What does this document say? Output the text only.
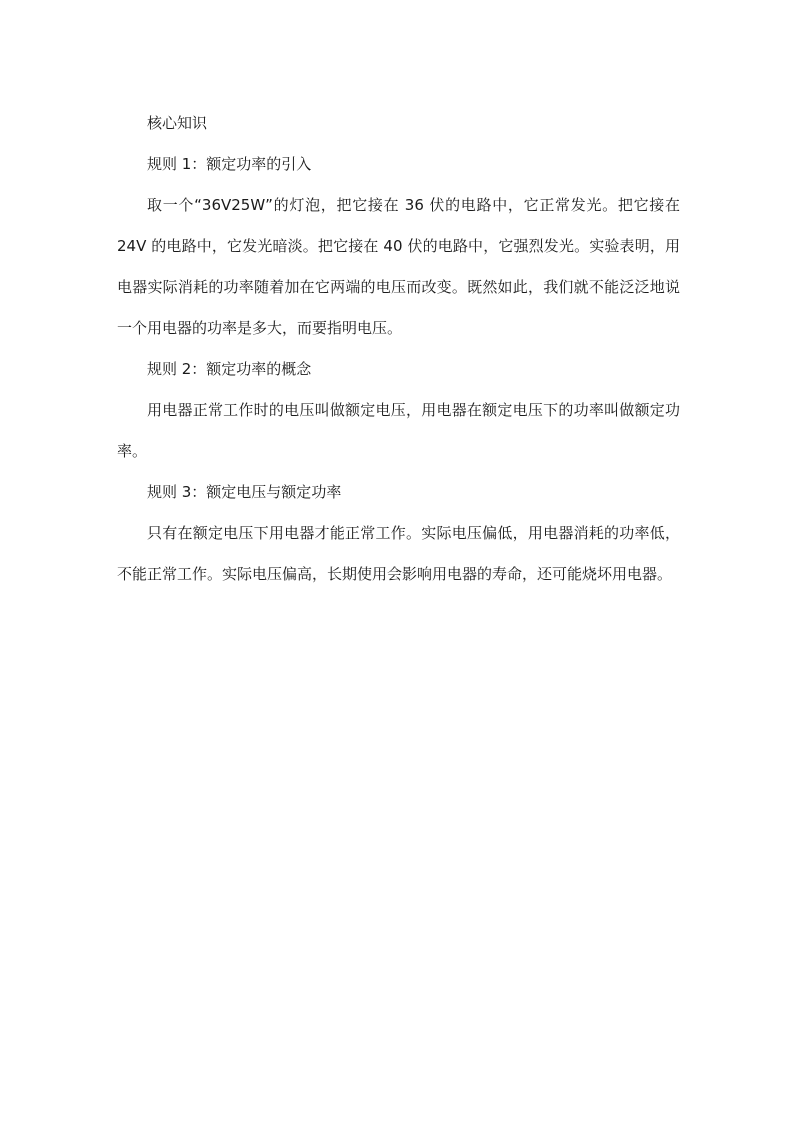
核心知识

规则 1：额定功率的引入

取一个“36V25W”的灯泡，把它接在 36 伏的电路中，它正常发光。把它接在 24V 的电路中，它发光暗淡。把它接在 40 伏的电路中，它强烈发光。实验表明，用电器实际消耗的功率随着加在它两端的电压而改变。既然如此，我们就不能泛泛地说一个用电器的功率是多大，而要指明电压。

规则 2：额定功率的概念

用电器正常工作时的电压叫做额定电压，用电器在额定电压下的功率叫做额定功率。

规则 3：额定电压与额定功率

只有在额定电压下用电器才能正常工作。实际电压偏低，用电器消耗的功率低，不能正常工作。实际电压偏高，长期使用会影响用电器的寿命，还可能烧坏用电器。
